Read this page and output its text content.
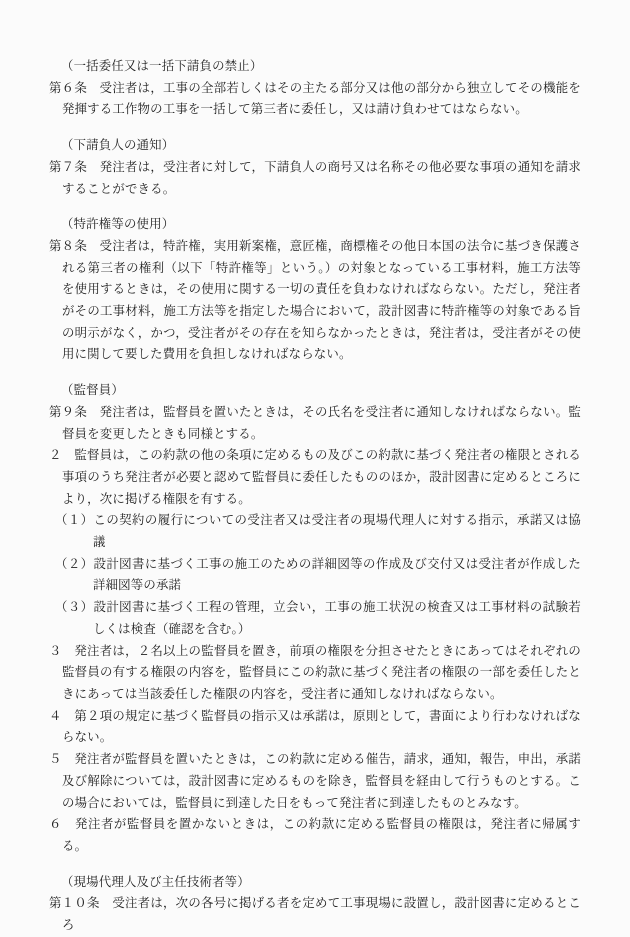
（一括委任又は一括下請負の禁止）

第６条　受注者は，工事の全部若しくはその主たる部分又は他の部分から独立してその機能を発揮する工作物の工事を一括して第三者に委任し，又は請け負わせてはならない。

（下請負人の通知）

第７条　発注者は，受注者に対して，下請負人の商号又は名称その他必要な事項の通知を請求することができる。

（特許権等の使用）

第８条　受注者は，特許権，実用新案権，意匠権，商標権その他日本国の法令に基づき保護される第三者の権利（以下「特許権等」という。）の対象となっている工事材料，施工方法等を使用するときは，その使用に関する一切の責任を負わなければならない。ただし，発注者がその工事材料，施工方法等を指定した場合において，設計図書に特許権等の対象である旨の明示がなく，かつ，受注者がその存在を知らなかったときは，発注者は，受注者がその使用に関して要した費用を負担しなければならない。

（監督員）

第９条　発注者は，監督員を置いたときは，その氏名を受注者に通知しなければならない。監督員を変更したときも同様とする。

２　監督員は，この約款の他の条項に定めるもの及びこの約款に基づく発注者の権限とされる事項のうち発注者が必要と認めて監督員に委任したもののほか，設計図書に定めるところにより，次に掲げる権限を有する。

（１）この契約の履行についての受注者又は受注者の現場代理人に対する指示，承諾又は協議

（２）設計図書に基づく工事の施工のための詳細図等の作成及び交付又は受注者が作成した詳細図等の承諾

（３）設計図書に基づく工程の管理，立会い，工事の施工状況の検査又は工事材料の試験若しくは検査（確認を含む。）

３　発注者は，２名以上の監督員を置き，前項の権限を分担させたときにあってはそれぞれの監督員の有する権限の内容を，監督員にこの約款に基づく発注者の権限の一部を委任したときにあっては当該委任した権限の内容を，受注者に通知しなければならない。

４　第２項の規定に基づく監督員の指示又は承諾は，原則として，書面により行わなければならない。

５　発注者が監督員を置いたときは，この約款に定める催告，請求，通知，報告，申出，承諾及び解除については，設計図書に定めるものを除き，監督員を経由して行うものとする。この場合においては，監督員に到達した日をもって発注者に到達したものとみなす。

６　発注者が監督員を置かないときは，この約款に定める監督員の権限は，発注者に帰属する。

（現場代理人及び主任技術者等）

第１０条　受注者は，次の各号に掲げる者を定めて工事現場に設置し，設計図書に定めるところ
